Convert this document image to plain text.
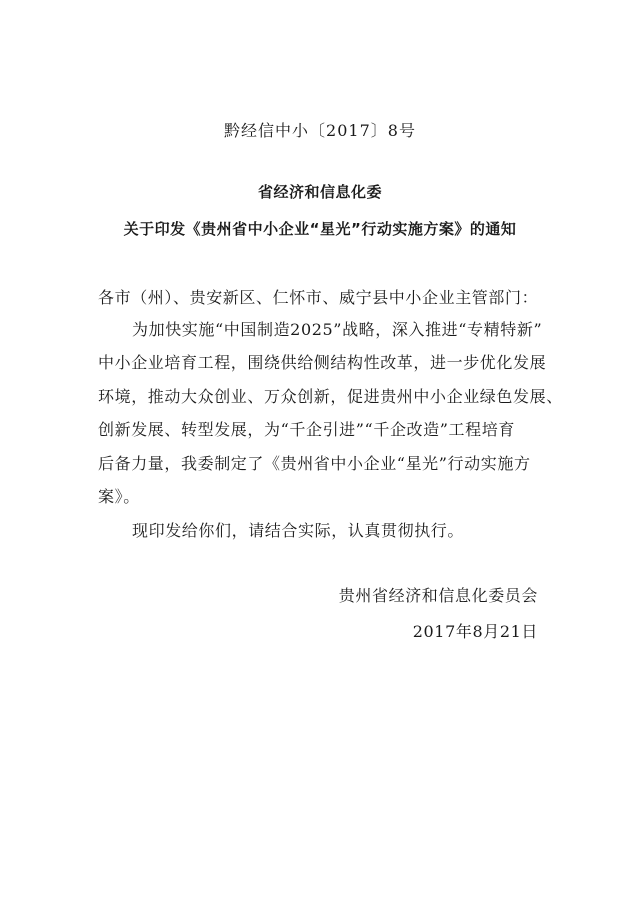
黔经信中小〔2017〕8号
省经济和信息化委
关于印发《贵州省中小企业“星光”行动实施方案》的通知
各市（州）、贵安新区、仁怀市、威宁县中小企业主管部门：
为加快实施“中国制造2025”战略，深入推进“专精特新”
中小企业培育工程，围绕供给侧结构性改革，进一步优化发展
环境，推动大众创业、万众创新，促进贵州中小企业绿色发展、
创新发展、转型发展，为“千企引进”“千企改造”工程培育
后备力量，我委制定了《贵州省中小企业“星光”行动实施方
案》。
现印发给你们，请结合实际，认真贯彻执行。
贵州省经济和信息化委员会
2017年8月21日
